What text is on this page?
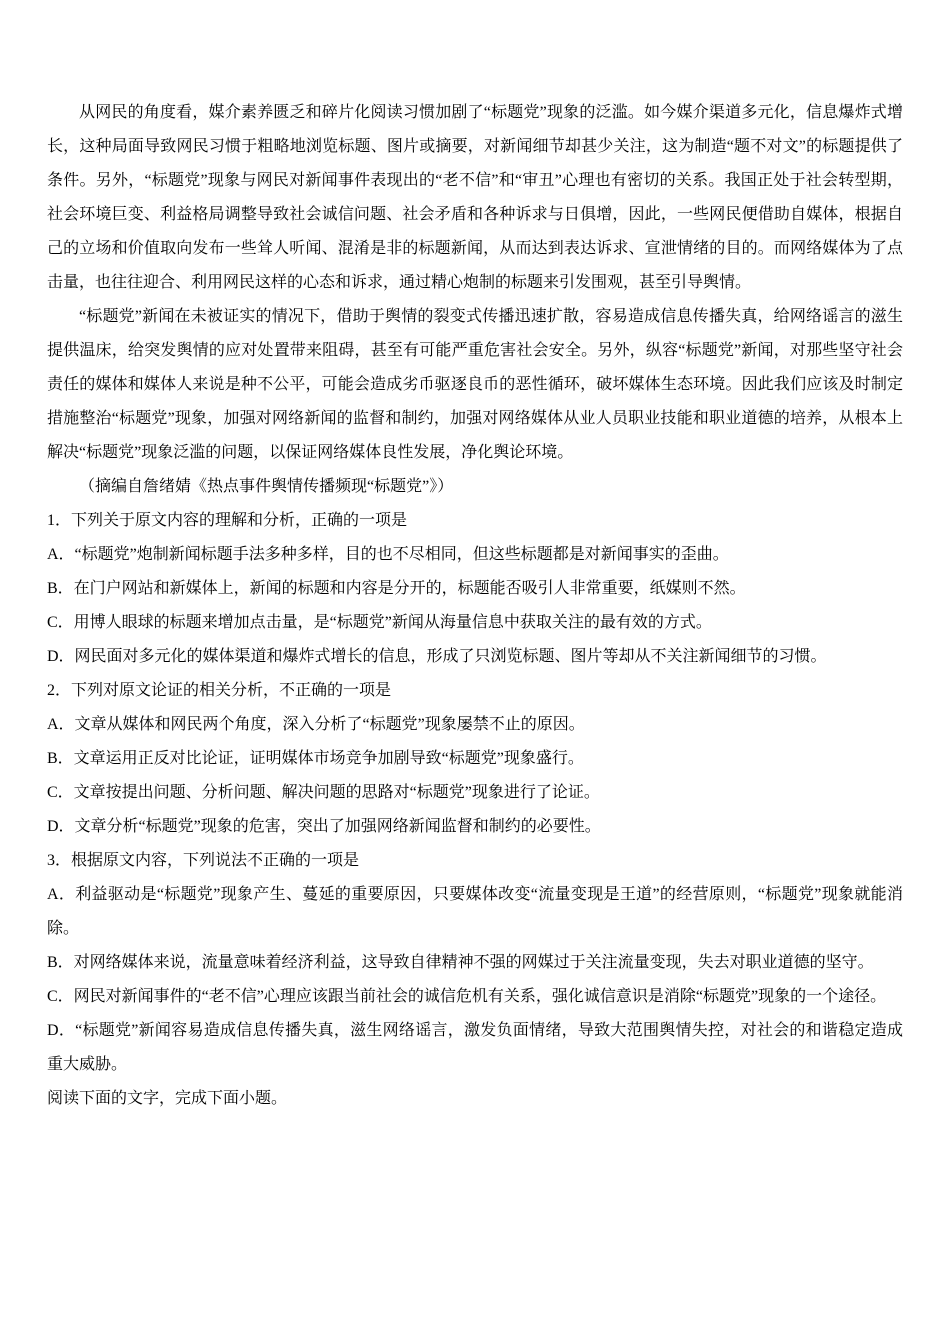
从网民的角度看，媒介素养匮乏和碎片化阅读习惯加剧了“标题党”现象的泛滥。如今媒介渠道多元化，信息爆炸式增长，这种局面导致网民习惯于粗略地浏览标题、图片或摘要，对新闻细节却甚少关注，这为制造“题不对文”的标题提供了条件。另外，“标题党”现象与网民对新闻事件表现出的“老不信”和“审丑”心理也有密切的关系。我国正处于社会转型期，社会环境巨变、利益格局调整导致社会诚信问题、社会矛盾和各种诉求与日俱增，因此，一些网民便借助自媒体，根据自己的立场和价值取向发布一些耸人听闻、混淆是非的标题新闻，从而达到表达诉求、宣泄情绪的目的。而网络媒体为了点击量，也往往迎合、利用网民这样的心态和诉求，通过精心炮制的标题来引发围观，甚至引导舆情。

“标题党”新闻在未被证实的情况下，借助于舆情的裂变式传播迅速扩散，容易造成信息传播失真，给网络谣言的滋生提供温床，给突发舆情的应对处置带来阻碍，甚至有可能严重危害社会安全。另外，纵容“标题党”新闻，对那些坚守社会责任的媒体和媒体人来说是种不公平，可能会造成劣币驱逐良币的恶性循环，破坏媒体生态环境。因此我们应该及时制定措施整治“标题党”现象，加强对网络新闻的监督和制约，加强对网络媒体从业人员职业技能和职业道德的培养，从根本上解决“标题党”现象泛滥的问题，以保证网络媒体良性发展，净化舆论环境。

（摘编自詹绪婧《热点事件舆情传播频现“标题党”》）

1．下列关于原文内容的理解和分析，正确的一项是

A．“标题党”炮制新闻标题手法多种多样，目的也不尽相同，但这些标题都是对新闻事实的歪曲。

B．在门户网站和新媒体上，新闻的标题和内容是分开的，标题能否吸引人非常重要，纸媒则不然。

C．用博人眼球的标题来增加点击量，是“标题党”新闻从海量信息中获取关注的最有效的方式。

D．网民面对多元化的媒体渠道和爆炸式增长的信息，形成了只浏览标题、图片等却从不关注新闻细节的习惯。

2．下列对原文论证的相关分析，不正确的一项是

A．文章从媒体和网民两个角度，深入分析了“标题党”现象屡禁不止的原因。

B．文章运用正反对比论证，证明媒体市场竞争加剧导致“标题党”现象盛行。

C．文章按提出问题、分析问题、解决问题的思路对“标题党”现象进行了论证。

D．文章分析“标题党”现象的危害，突出了加强网络新闻监督和制约的必要性。

3．根据原文内容，下列说法不正确的一项是

A．利益驱动是“标题党”现象产生、蔓延的重要原因，只要媒体改变“流量变现是王道”的经营原则，“标题党”现象就能消除。

B．对网络媒体来说，流量意味着经济利益，这导致自律精神不强的网媒过于关注流量变现，失去对职业道德的坚守。

C．网民对新闻事件的“老不信”心理应该跟当前社会的诚信危机有关系，强化诚信意识是消除“标题党”现象的一个途径。

D．“标题党”新闻容易造成信息传播失真，滋生网络谣言，激发负面情绪，导致大范围舆情失控，对社会的和谐稳定造成重大威胁。

阅读下面的文字，完成下面小题。
